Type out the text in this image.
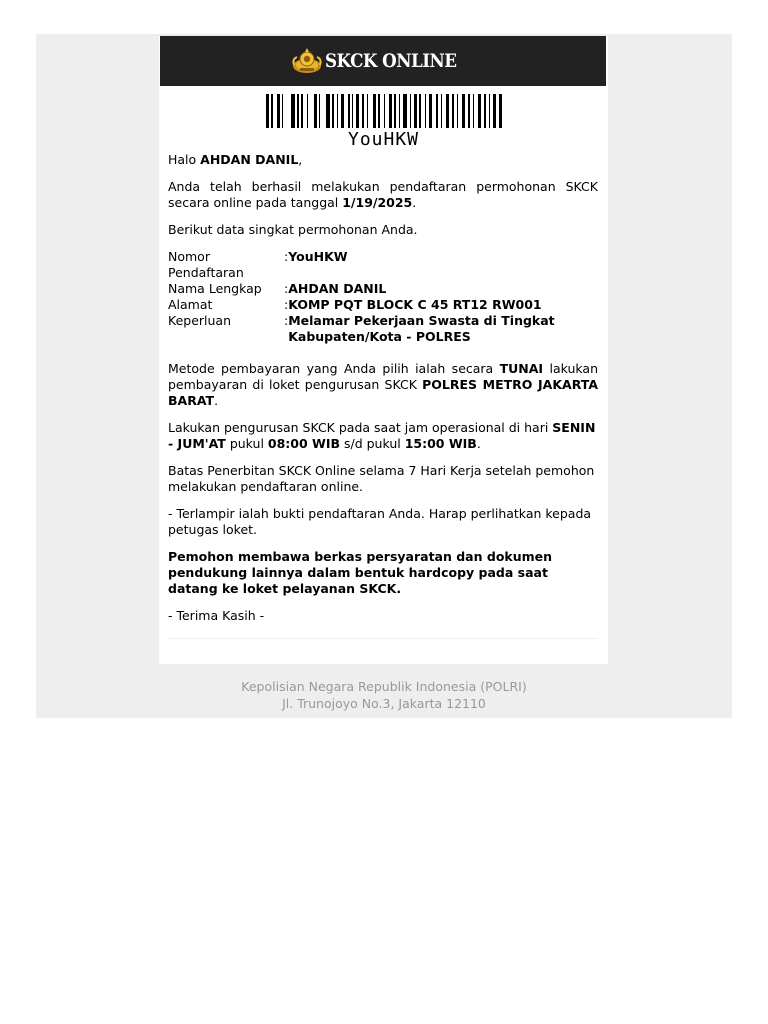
SKCK ONLINE
YouHKW

Halo AHDAN DANIL,

Anda telah berhasil melakukan pendaftaran permohonan SKCK secara online pada tanggal 1/19/2025.

Berikut data singkat permohonan Anda.

Nomor Pendaftaran	:	YouHKW
Nama Lengkap	:	AHDAN DANIL
Alamat	:	KOMP PQT BLOCK C 45 RT12 RW001
Keperluan	:	Melamar Pekerjaan Swasta di Tingkat Kabupaten/Kota - POLRES

Metode pembayaran yang Anda pilih ialah secara TUNAI lakukan pembayaran di loket pengurusan SKCK POLRES METRO JAKARTA BARAT.

Lakukan pengurusan SKCK pada saat jam operasional di hari SENIN - JUM'AT pukul 08:00 WIB s/d pukul 15:00 WIB.

Batas Penerbitan SKCK Online selama 7 Hari Kerja setelah pemohon melakukan pendaftaran online.

- Terlampir ialah bukti pendaftaran Anda. Harap perlihatkan kepada petugas loket.

Pemohon membawa berkas persyaratan dan dokumen pendukung lainnya dalam bentuk hardcopy pada saat datang ke loket pelayanan SKCK.

- Terima Kasih -

Kepolisian Negara Republik Indonesia (POLRI)
Jl. Trunojoyo No.3, Jakarta 12110
